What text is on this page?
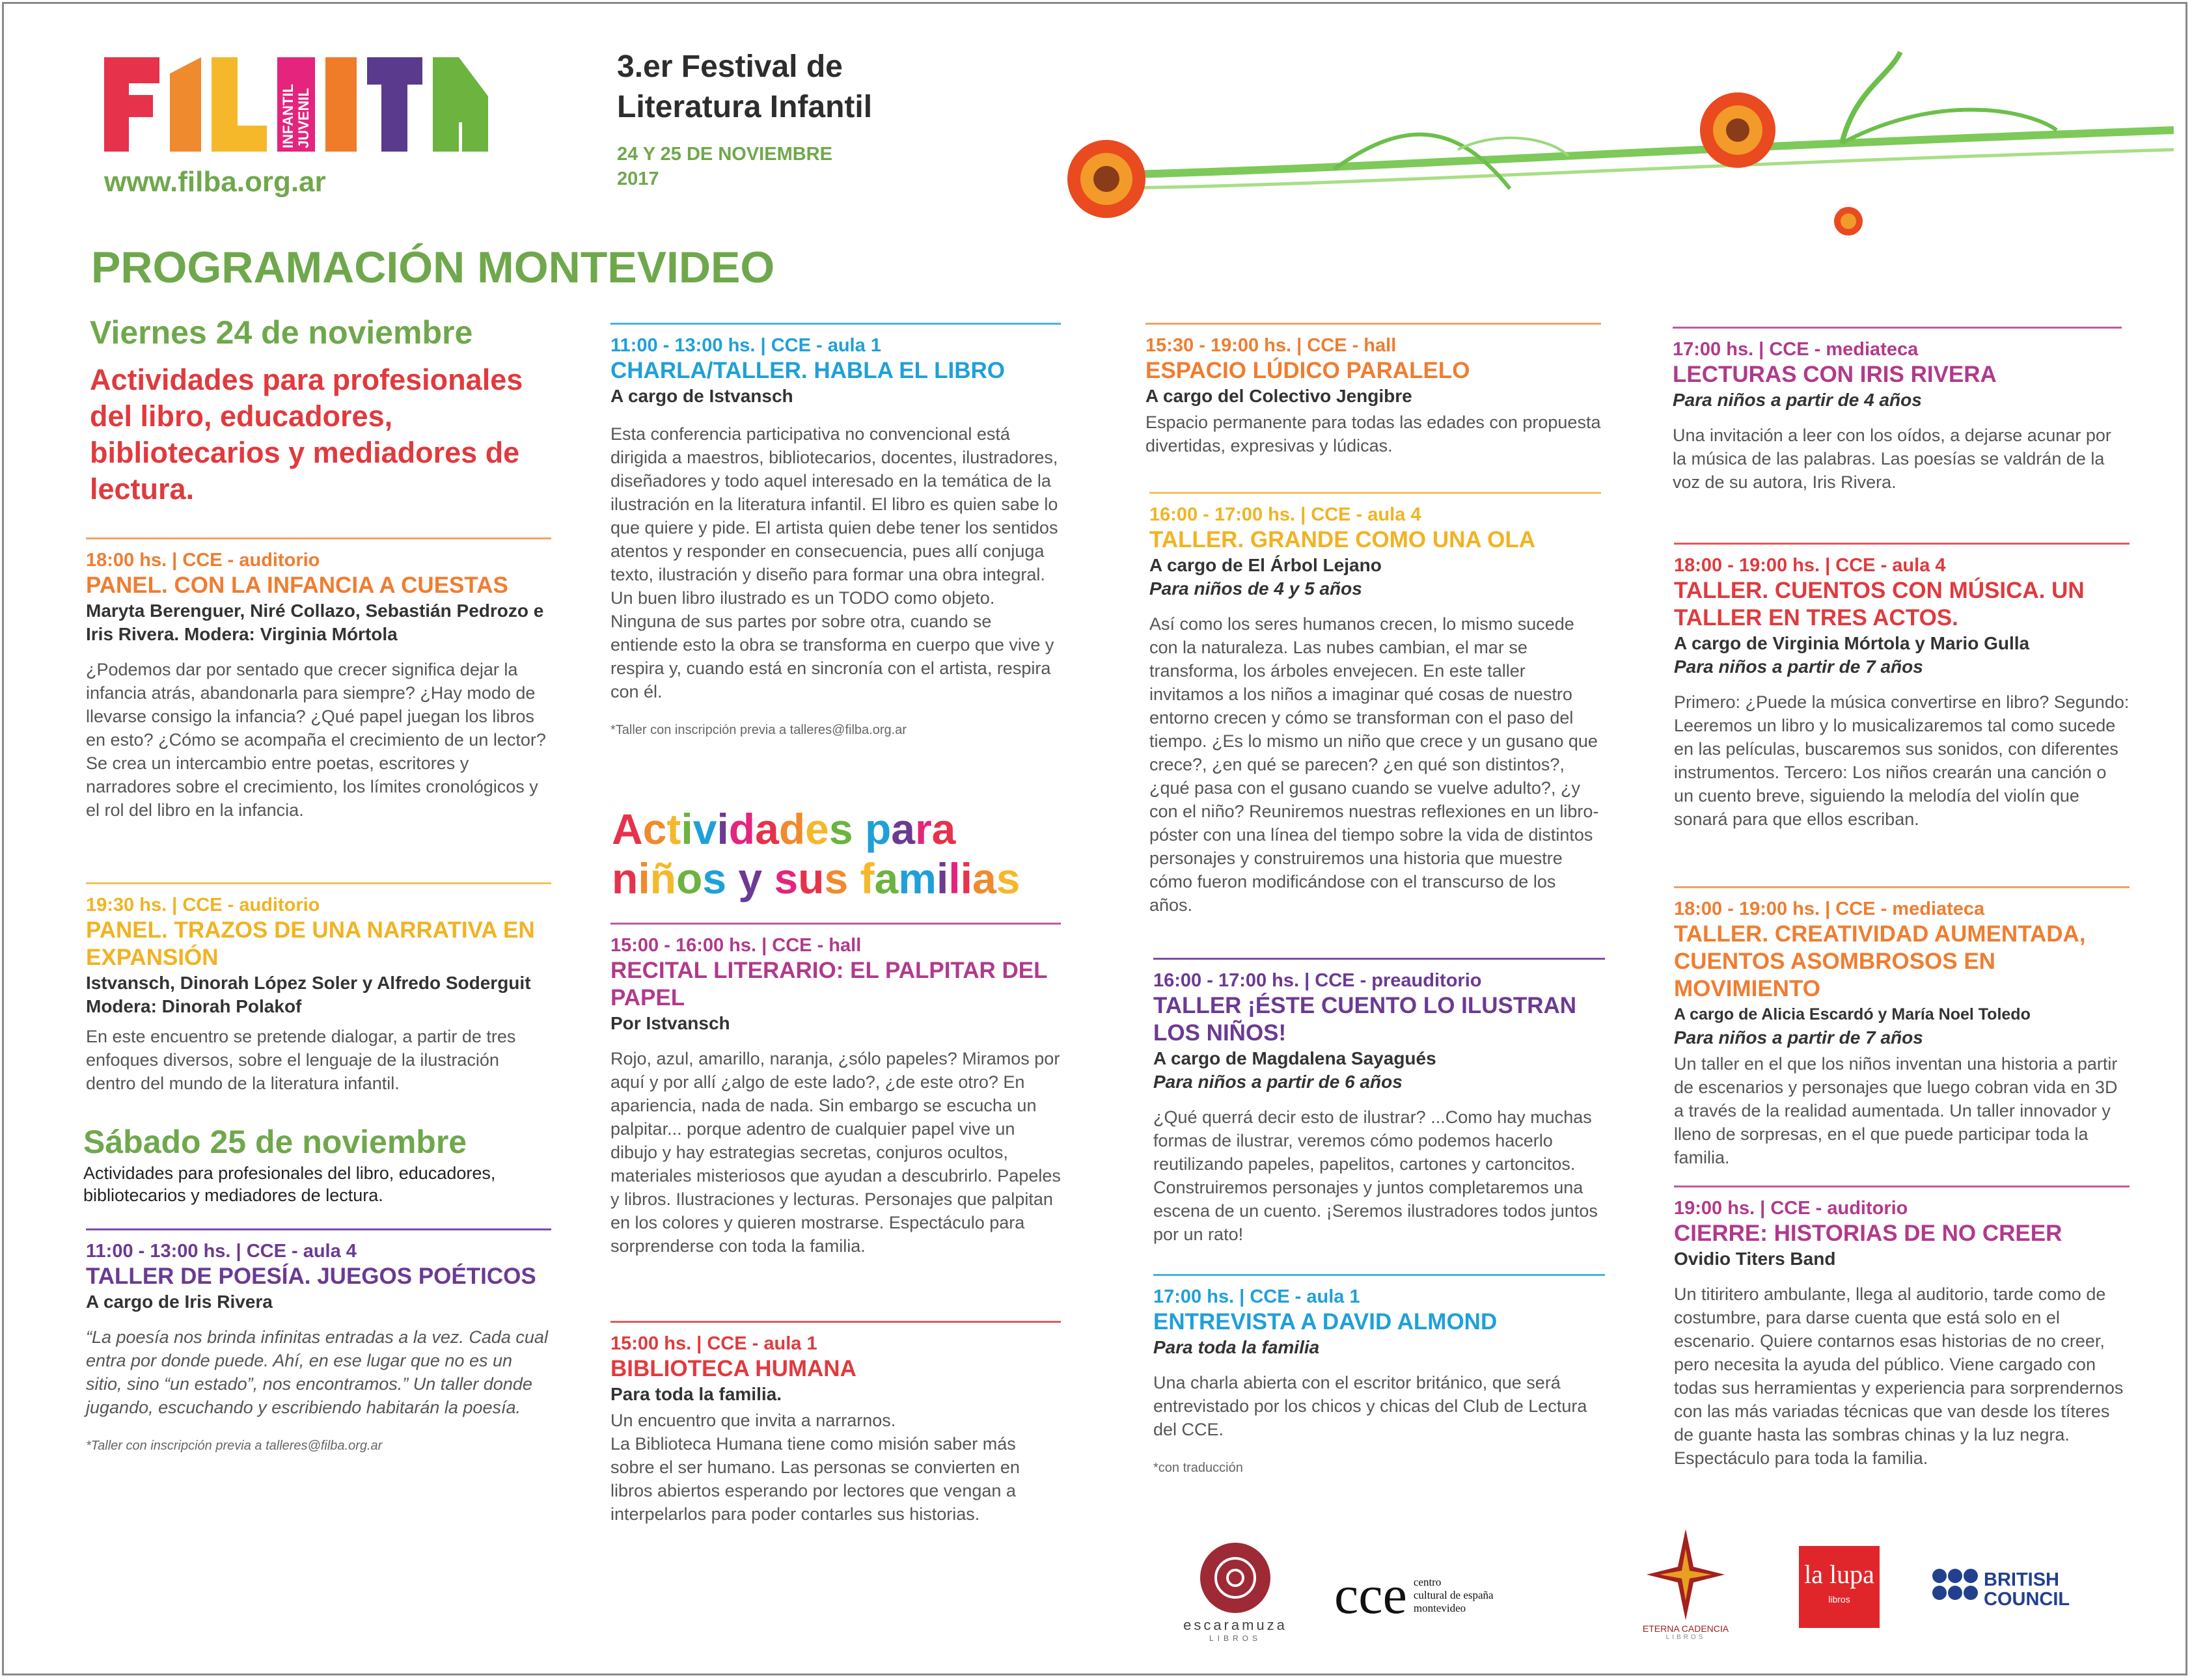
INFANTIL JUVENIL
www.filba.org.ar
3.er Festival de
Literatura Infantil
24 Y 25 DE NOVIEMBRE
2017
PROGRAMACIÓN MONTEVIDEO
Viernes 24 de noviembre
Actividades para profesionales del libro, educadores, bibliotecarios y mediadores de lectura.
18:00 hs. | CCE - auditorio
PANEL. CON LA INFANCIA A CUESTAS
Maryta Berenguer, Niré Collazo, Sebastián Pedrozo e Iris Rivera. Modera: Virginia Mórtola
¿Podemos dar por sentado que crecer significa dejar la infancia atrás, abandonarla para siempre? ¿Hay modo de llevarse consigo la infancia? ¿Qué papel juegan los libros en esto? ¿Cómo se acompaña el crecimiento de un lector? Se crea un intercambio entre poetas, escritores y narradores sobre el crecimiento, los límites cronológicos y el rol del libro en la infancia.
19:30 hs. | CCE - auditorio
PANEL. TRAZOS DE UNA NARRATIVA EN EXPANSIÓN
Istvansch, Dinorah López Soler y Alfredo Soderguit
Modera: Dinorah Polakof
En este encuentro se pretende dialogar, a partir de tres enfoques diversos, sobre el lenguaje de la ilustración dentro del mundo de la literatura infantil.
Sábado 25 de noviembre
Actividades para profesionales del libro, educadores, bibliotecarios y mediadores de lectura.
11:00 - 13:00 hs. | CCE - aula 4
TALLER DE POESÍA. JUEGOS POÉTICOS
A cargo de Iris Rivera
“La poesía nos brinda infinitas entradas a la vez. Cada cual entra por donde puede. Ahí, en ese lugar que no es un sitio, sino “un estado”, nos encontramos.” Un taller donde jugando, escuchando y escribiendo habitarán la poesía.
*Taller con inscripción previa a talleres@filba.org.ar
11:00 - 13:00 hs. | CCE - aula 1
CHARLA/TALLER. HABLA EL LIBRO
A cargo de Istvansch
Esta conferencia participativa no convencional está dirigida a maestros, bibliotecarios, docentes, ilustradores, diseñadores y todo aquel interesado en la temática de la ilustración en la literatura infantil. El libro es quien sabe lo que quiere y pide. El artista quien debe tener los sentidos atentos y responder en consecuencia, pues allí conjuga texto, ilustración y diseño para formar una obra integral. Un buen libro ilustrado es un TODO como objeto. Ninguna de sus partes por sobre otra, cuando se entiende esto la obra se transforma en cuerpo que vive y respira y, cuando está en sincronía con el artista, respira con él.
*Taller con inscripción previa a talleres@filba.org.ar
Actividades para
niños y sus familias
15:00 - 16:00 hs. | CCE - hall
RECITAL LITERARIO: EL PALPITAR DEL PAPEL
Por Istvansch
Rojo, azul, amarillo, naranja, ¿sólo papeles? Miramos por aquí y por allí ¿algo de este lado?, ¿de este otro? En apariencia, nada de nada. Sin embargo se escucha un palpitar... porque adentro de cualquier papel vive un dibujo y hay estrategias secretas, conjuros ocultos, materiales misteriosos que ayudan a descubrirlo. Papeles y libros. Ilustraciones y lecturas. Personajes que palpitan en los colores y quieren mostrarse. Espectáculo para sorprenderse con toda la familia.
15:00 hs. | CCE - aula 1
BIBLIOTECA HUMANA
Para toda la familia.
Un encuentro que invita a narrarnos.
La Biblioteca Humana tiene como misión saber más sobre el ser humano. Las personas se convierten en libros abiertos esperando por lectores que vengan a interpelarlos para poder contarles sus historias.
15:30 - 19:00 hs. | CCE - hall
ESPACIO LÚDICO PARALELO
A cargo del Colectivo Jengibre
Espacio permanente para todas las edades con propuesta divertidas, expresivas y lúdicas.
16:00 - 17:00 hs. | CCE - aula 4
TALLER. GRANDE COMO UNA OLA
A cargo de El Árbol Lejano
Para niños de 4 y 5 años
Así como los seres humanos crecen, lo mismo sucede con la naturaleza. Las nubes cambian, el mar se transforma, los árboles envejecen. En este taller invitamos a los niños a imaginar qué cosas de nuestro entorno crecen y cómo se transforman con el paso del tiempo. ¿Es lo mismo un niño que crece y un gusano que crece?, ¿en qué se parecen? ¿en qué son distintos?, ¿qué pasa con el gusano cuando se vuelve adulto?, ¿y con el niño? Reuniremos nuestras reflexiones en un libro-póster con una línea del tiempo sobre la vida de distintos personajes y construiremos una historia que muestre cómo fueron modificándose con el transcurso de los años.
16:00 - 17:00 hs. | CCE - preauditorio
TALLER ¡ÉSTE CUENTO LO ILUSTRAN LOS NIÑOS!
A cargo de Magdalena Sayagués
Para niños a partir de 6 años
¿Qué querrá decir esto de ilustrar? ...Como hay muchas formas de ilustrar, veremos cómo podemos hacerlo reutilizando papeles, papelitos, cartones y cartoncitos. Construiremos personajes y juntos completaremos una escena de un cuento. ¡Seremos ilustradores todos juntos por un rato!
17:00 hs. | CCE - aula 1
ENTREVISTA A DAVID ALMOND
Para toda la familia
Una charla abierta con el escritor británico, que será entrevistado por los chicos y chicas del Club de Lectura del CCE.
*con traducción
17:00 hs. | CCE - mediateca
LECTURAS CON IRIS RIVERA
Para niños a partir de 4 años
Una invitación a leer con los oídos, a dejarse acunar por la música de las palabras. Las poesías se valdrán de la voz de su autora, Iris Rivera.
18:00 - 19:00 hs. | CCE - aula 4
TALLER. CUENTOS CON MÚSICA. UN TALLER EN TRES ACTOS.
A cargo de Virginia Mórtola y Mario Gulla
Para niños a partir de 7 años
Primero: ¿Puede la música convertirse en libro? Segundo: Leeremos un libro y lo musicalizaremos tal como sucede en las películas, buscaremos sus sonidos, con diferentes instrumentos. Tercero: Los niños crearán una canción o un cuento breve, siguiendo la melodía del violín que sonará para que ellos escriban.
18:00 - 19:00 hs. | CCE - mediateca
TALLER. CREATIVIDAD AUMENTADA, CUENTOS ASOMBROSOS EN MOVIMIENTO
A cargo de Alicia Escardó y María Noel Toledo
Para niños a partir de 7 años
Un taller en el que los niños inventan una historia a partir de escenarios y personajes que luego cobran vida en 3D a través de la realidad aumentada. Un taller innovador y lleno de sorpresas, en el que puede participar toda la familia.
19:00 hs. | CCE - auditorio
CIERRE: HISTORIAS DE NO CREER
Ovidio Titers Band
Un titiritero ambulante, llega al auditorio, tarde como de costumbre, para darse cuenta que está solo en el escenario. Quiere contarnos esas historias de no creer, pero necesita la ayuda del público. Viene cargado con todas sus herramientas y experiencia para sorprendernos con las más variadas técnicas que van desde los títeres de guante hasta las sombras chinas y la luz negra. Espectáculo para toda la familia.
escaramuza
LIBROS
cce centro
cultural de españa
montevideo
ETERNA CADENCIA
LIBROS
la lupa
libros
BRITISH
COUNCIL
